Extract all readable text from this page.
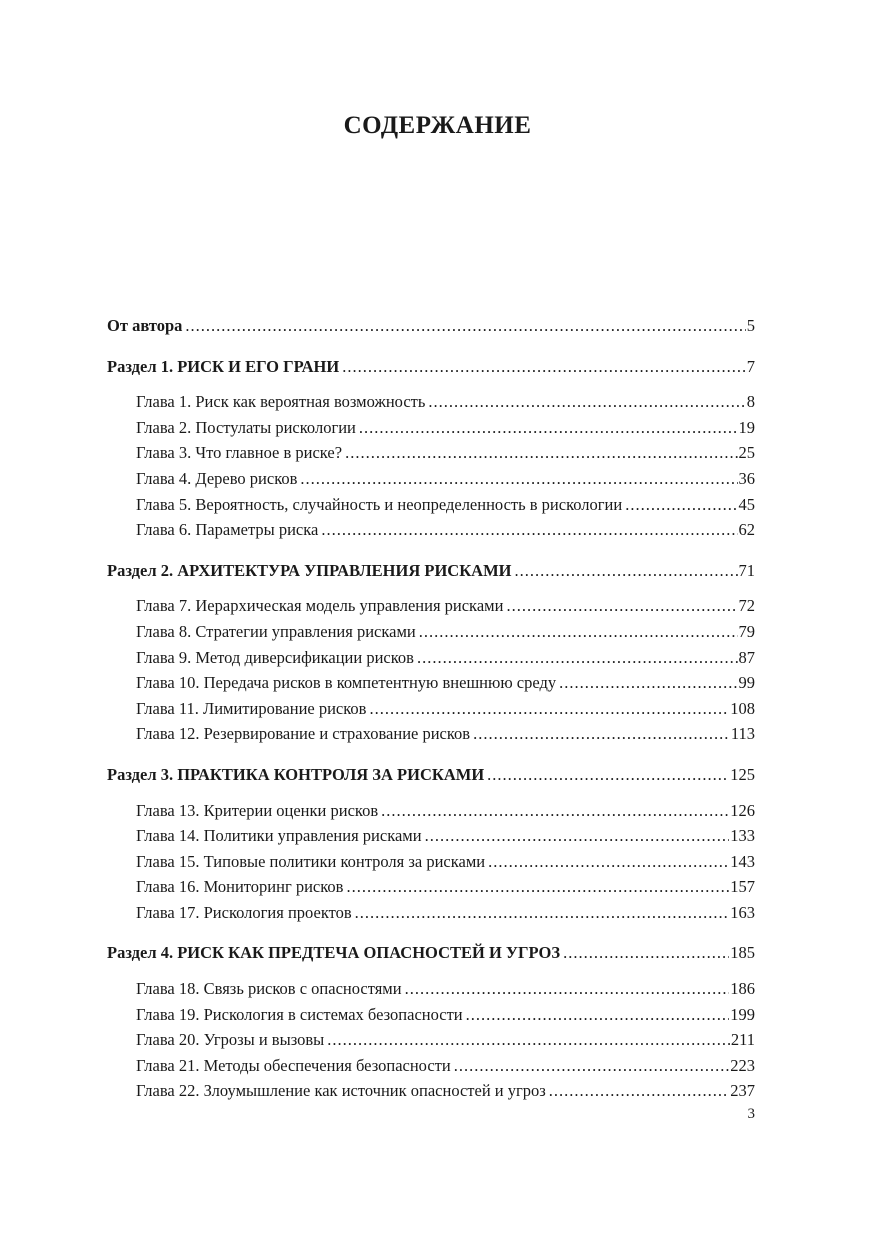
СОДЕРЖАНИЕ
От автора .....	5
Раздел 1. РИСК И ЕГО ГРАНИ .....	7
Глава 1. Риск как вероятная возможность .....	8
Глава 2. Постулаты рискологии .....	19
Глава 3. Что главное в риске? .....	25
Глава 4. Дерево рисков .....	36
Глава 5. Вероятность, случайность и неопределенность в рискологии .....	45
Глава 6. Параметры риска .....	62
Раздел 2. АРХИТЕКТУРА УПРАВЛЕНИЯ РИСКАМИ .....	71
Глава 7. Иерархическая модель управления рисками .....	72
Глава 8. Стратегии управления рисками .....	79
Глава 9. Метод диверсификации рисков .....	87
Глава 10. Передача рисков в компетентную внешнюю среду .....	99
Глава 11. Лимитирование рисков .....	108
Глава 12. Резервирование и страхование рисков .....	113
Раздел 3. ПРАКТИКА КОНТРОЛЯ ЗА РИСКАМИ .....	125
Глава 13. Критерии оценки рисков .....	126
Глава 14. Политики управления рисками .....	133
Глава 15. Типовые политики контроля за рисками .....	143
Глава 16. Мониторинг рисков .....	157
Глава 17. Рискология проектов .....	163
Раздел 4. РИСК КАК ПРЕДТЕЧА ОПАСНОСТЕЙ И УГРОЗ .....	185
Глава 18. Связь рисков с опасностями .....	186
Глава 19. Рискология в системах безопасности .....	199
Глава 20. Угрозы и вызовы .....	211
Глава 21. Методы обеспечения безопасности .....	223
Глава 22. Злоумышление как источник опасностей и угроз .....	237
3
